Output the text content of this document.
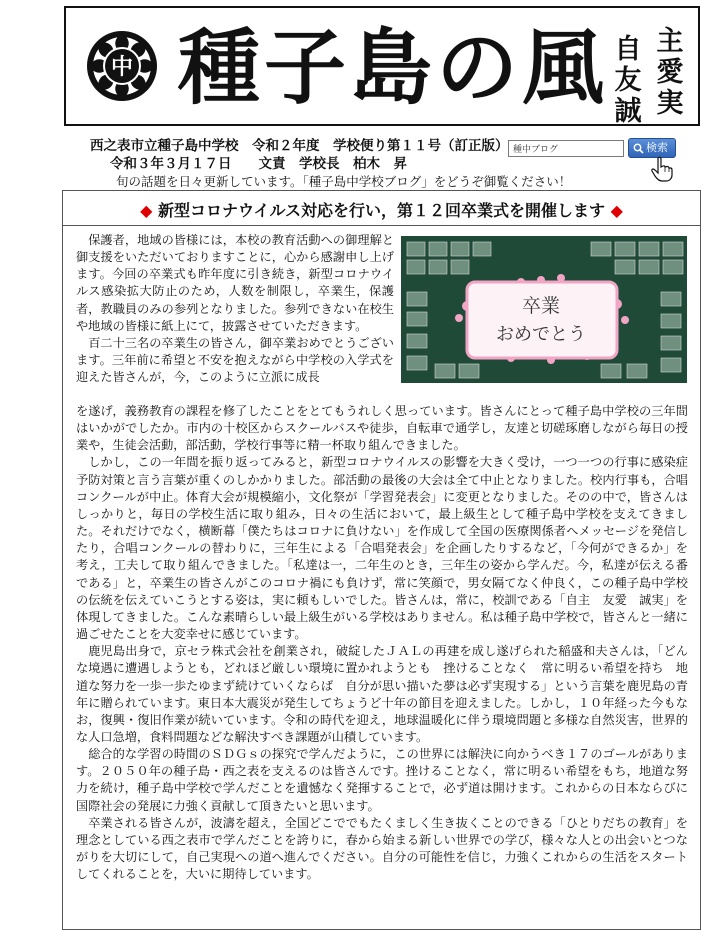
中 種子島の風 主
愛
実
自
友
誠
西之表市立種子島中学校　令和２年度　学校便り第１１号（訂正版）
令和３年３月１７日　　文責　学校長　柏木　昇
旬の話題を日々更新しています。「種子島中学校ブログ」をどうぞ御覧ください！
種中ブログ
検索
◆ 新型コロナウイルス対応を行い，第１２回卒業式を開催します ◆
卒業
おめでとう

保護者，地域の皆様には，本校の教育活動への御理解と御支援をいただいておりますことに，心から感謝申し上げます。今回の卒業式も昨年度に引き続き，新型コロナウイルス感染拡大防止のため，人数を制限し，卒業生，保護者，教職員のみの参列となりました。参列できない在校生や地域の皆様に紙上にて，披露させていただきます。

百二十三名の卒業生の皆さん，御卒業おめでとうございます。三年前に希望と不安を抱えながら中学校の入学式を迎えた皆さんが，今，このように立派に成長

を遂げ，義務教育の課程を修了したことをとてもうれしく思っています。皆さんにとって種子島中学校の三年間はいかがでしたか。市内の十校区からスクールバスや徒歩，自転車で通学し，友達と切磋琢磨しながら毎日の授業や，生徒会活動，部活動，学校行事等に精一杯取り組んできました。

しかし，この一年間を振り返ってみると，新型コロナウイルスの影響を大きく受け，一つ一つの行事に感染症予防対策と言う言葉が重くのしかかりました。部活動の最後の大会は全て中止となりました。校内行事も，合唱コンクールが中止。体育大会が規模縮小，文化祭が「学習発表会」に変更となりました。そのの中で，皆さんはしっかりと，毎日の学校生活に取り組み，日々の生活において，最上級生として種子島中学校を支えてきました。それだけでなく，横断幕「僕たちはコロナに負けない」を作成して全国の医療関係者へメッセージを発信したり，合唱コンクールの替わりに，三年生による「合唱発表会」を企画したりするなど，「今何ができるか」を考え，工夫して取り組んできました。「私達は一，二年生のとき，三年生の姿から学んだ。今，私達が伝える番である」と，卒業生の皆さんがこのコロナ禍にも負けず，常に笑顔で，男女隔てなく仲良く，この種子島中学校の伝統を伝えていこうとする姿は，実に頼もしいでした。皆さんは，常に，校訓である「自主　友愛　誠実」を体現してきました。こんな素晴らしい最上級生がいる学校はありません。私は種子島中学校で，皆さんと一緒に過ごせたことを大変幸せに感じています。

鹿児島出身で，京セラ株式会社を創業され，破綻したＪＡＬの再建を成し遂げられた稲盛和夫さんは，「どんな境遇に遭遇しようとも，どれほど厳しい環境に置かれようとも　挫けることなく　常に明るい希望を持ち　地道な努力を一歩一歩たゆまず続けていくならば　自分が思い描いた夢は必ず実現する」という言葉を鹿児島の青年に贈られています。東日本大震災が発生してちょうど十年の節目を迎えました。しかし，１０年経った今もなお，復興・復旧作業が続いています。令和の時代を迎え，地球温暖化に伴う環境問題と多様な自然災害，世界的な人口急増，食料問題などな解決すべき課題が山積しています。

総合的な学習の時間のＳＤＧｓの探究で学んだように，この世界には解決に向かうべき１７のゴールがあります。２０５０年の種子島・西之表を支えるのは皆さんです。挫けることなく，常に明るい希望をもち，地道な努力を続け，種子島中学校で学んだことを遺憾なく発揮することで，必ず道は開けます。これからの日本ならびに国際社会の発展に力強く貢献して頂きたいと思います。

卒業される皆さんが，波濤を超え，全国どこででもたくましく生き抜くことのできる「ひとりだちの教育」を理念としている西之表市で学んだことを誇りに，春から始まる新しい世界での学び，様々な人との出会いとつながりを大切にして，自己実現への道へ進んでください。自分の可能性を信じ，力強くこれからの生活をスタートしてくれることを，大いに期待しています。
